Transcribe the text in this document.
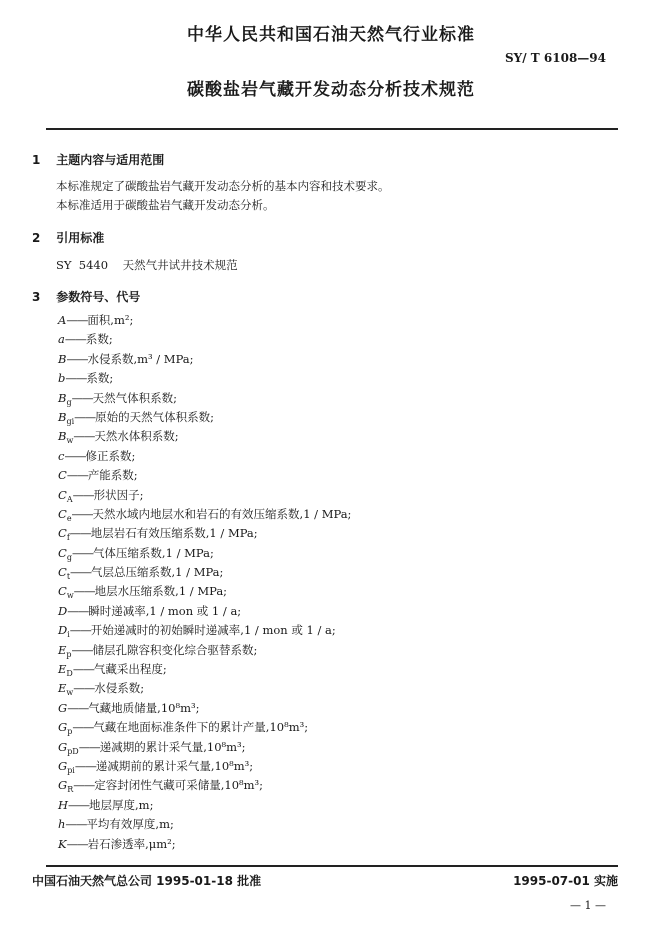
中华人民共和国石油天然气行业标准
SY/ T 6108—94
碳酸盐岩气藏开发动态分析技术规范
1 主题内容与适用范围
本标准规定了碳酸盐岩气藏开发动态分析的基本内容和技术要求。
本标准适用于碳酸盐岩气藏开发动态分析。
2 引用标准
SY  5440    天然气井试井技术规范
3 参数符号、代号
A——面积,m²;
a——系数;
B——水侵系数,m³ / MPa;
b——系数;
$B_g——$天然气体积系数;
$B_{gi}——$原始的天然气体积系数;
$B_w——$天然水体积系数;
c——修正系数;
C——产能系数;
$C_A——$形状因子;
$C_e——$天然水域内地层水和岩石的有效压缩系数,1 / MPa;
$C_f——$地层岩石有效压缩系数,1 / MPa;
$C_g——$气体压缩系数,1 / MPa;
$C_t——$气层总压缩系数,1 / MPa;
$C_w——$地层水压缩系数,1 / MPa;
D——瞬时递减率,1 / mon 或 1 / a;
$D_i——$开始递减时的初始瞬时递减率,1 / mon 或 1 / a;
$E_p——$储层孔隙容积变化综合驱替系数;
$E_D——$气藏采出程度;
$E_w——$水侵系数;
G——气藏地质储量,10⁸m³;
$G_p——$气藏在地面标准条件下的累计产量,10⁸m³;
$G_{pD}——$递减期的累计采气量,10⁸m³;
$G_{pi}——$递减期前的累计采气量,10⁸m³;
$G_R——$定容封闭性气藏可采储量,10⁸m³;
H——地层厚度,m;
h——平均有效厚度,m;
K——岩石渗透率,μm²;
中国石油天然气总公司 1995-01-18 批准	1995-07-01 实施
— 1 —
